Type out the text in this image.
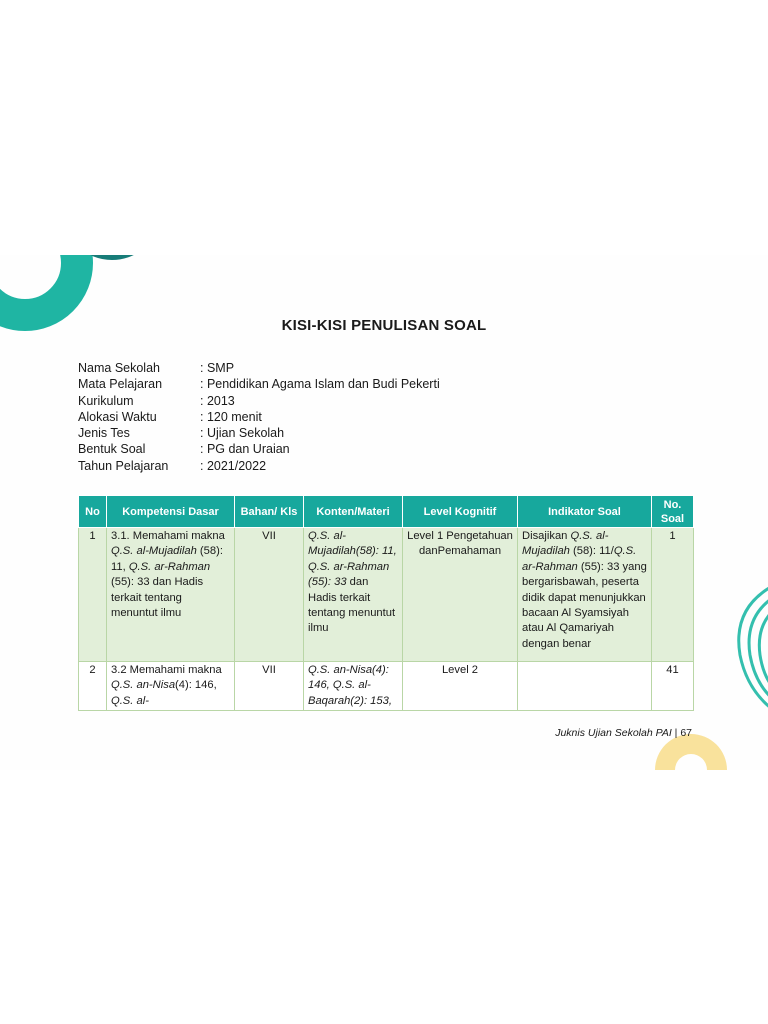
KISI-KISI PENULISAN SOAL
Nama Sekolah	: SMP
Mata Pelajaran	: Pendidikan Agama Islam dan Budi Pekerti
Kurikulum	: 2013
Alokasi Waktu	: 120 menit
Jenis Tes	: Ujian Sekolah
Bentuk Soal	: PG dan Uraian
Tahun Pelajaran	: 2021/2022
No	Kompetensi Dasar	Bahan/ Kls	Konten/Materi	Level Kognitif	Indikator Soal	No. Soal
1	3.1. Memahami makna Q.S. al-Mujadilah (58): 11, Q.S. ar-Rahman (55): 33 dan Hadis terkait tentang menuntut ilmu	VII	Q.S. al-Mujadilah(58): 11, Q.S. ar-Rahman (55): 33 dan Hadis terkait tentang menuntut ilmu	Level 1 Pengetahuan danPemahaman	Disajikan Q.S. al-Mujadilah (58): 11/Q.S. ar-Rahman (55): 33 yang bergarisbawah, peserta didik dapat menunjukkan bacaan Al Syamsiyah atau Al Qamariyah dengan benar	1
2	3.2 Memahami makna Q.S. an-Nisa(4): 146, Q.S. al-	VII	Q.S. an-Nisa(4): 146, Q.S. al-Baqarah(2): 153,	Level 2		41
Juknis Ujian Sekolah PAI | 67
